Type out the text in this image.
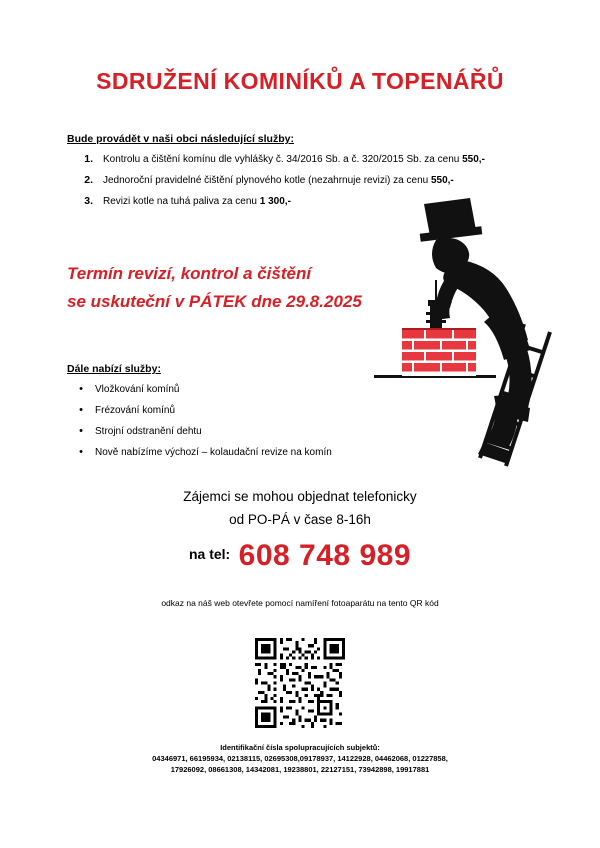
SDRUŽENÍ KOMINÍKŮ A TOPENÁŘŮ
Bude provádět v naši obci následující služby:
1.	Kontrolu a čištění komínu dle vyhlášky č. 34/2016 Sb. a č. 320/2015 Sb. za cenu 550,-
2.	Jednoroční pravidelné čištění plynového kotle (nezahrnuje revizi) za cenu 550,-
3.	Revizi kotle na tuhá paliva za cenu 1 300,-
Termín revizí, kontrol a čištění
se uskuteční v PÁTEK dne 29.8.2025
Dále nabízí služby:
•	Vložkování komínů
•	Frézování komínů
•	Strojní odstranění dehtu
•	Nově nabízíme výchozí – kolaudační revize na komín
Zájemci se mohou objednat telefonicky
od PO-PÁ v čase 8-16h
na tel: 608 748 989
odkaz na náš web otevřete pomocí namíření fotoaparátu na tento QR kód
Identifikační čísla spolupracujících subjektů:
04346971, 66195934, 02138115, 02695308,09178937, 14122928, 04462068, 01227858,
17926092, 08661308, 14342081, 19238801, 22127151, 73942898, 19917881
